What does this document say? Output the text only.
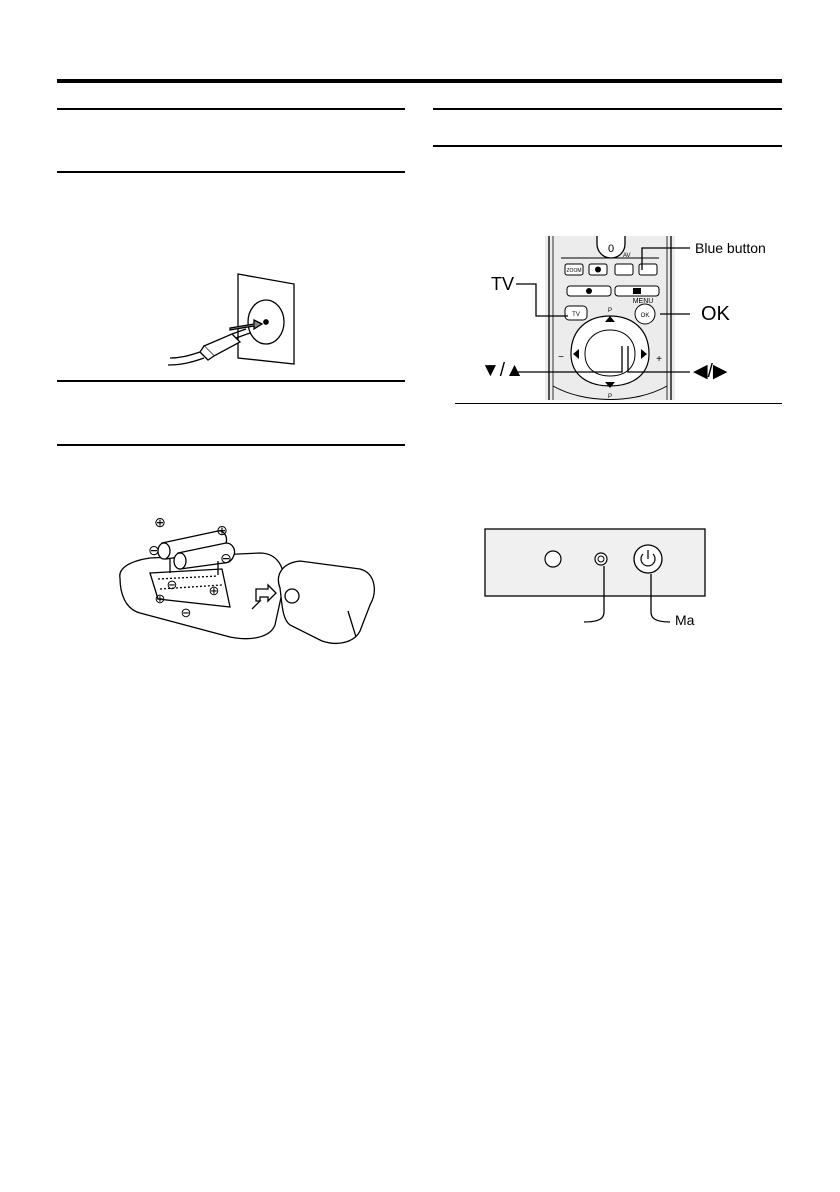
⊕	⊕
⊖	⊖
⊖ ⊕
⊕
⊖
0
AV
ZOOM
MENU
OK
TV
P
P
−	+
TV
Blue button
OK
▼/▲	◀/▶
Ma
